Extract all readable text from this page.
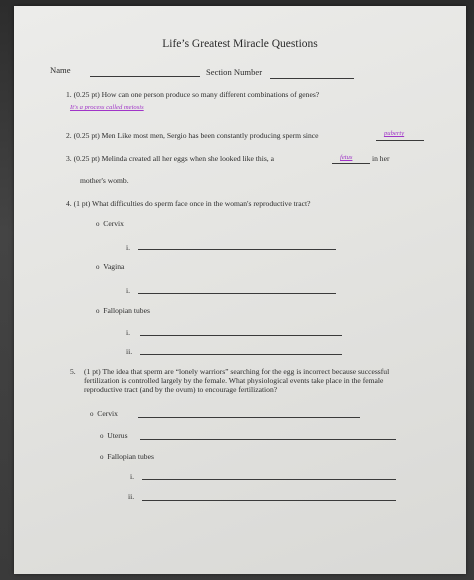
Life’s Greatest Miracle Questions
Name	Section Number
1. (0.25 pt) How can one person produce so many different combinations of genes?
It's a process called meiosis
2. (0.25 pt) Men Like most men, Sergio has been constantly producing sperm since	puberty
3. (0.25 pt) Melinda created all her eggs when she looked like this, a	fetus	in her
mother's womb.
4. (1 pt) What difficulties do sperm face once in the woman's reproductive tract?
o Cervix
i.
o Vagina
i.
o Fallopian tubes
i.
ii.
5. (1 pt) The idea that sperm are “lonely warriors” searching for the egg is incorrect because successful fertilization is controlled largely by the female. What physiological events take place in the female reproductive tract (and by the ovum) to encourage fertilization?
o Cervix
o Uterus
o Fallopian tubes
i.
ii.
